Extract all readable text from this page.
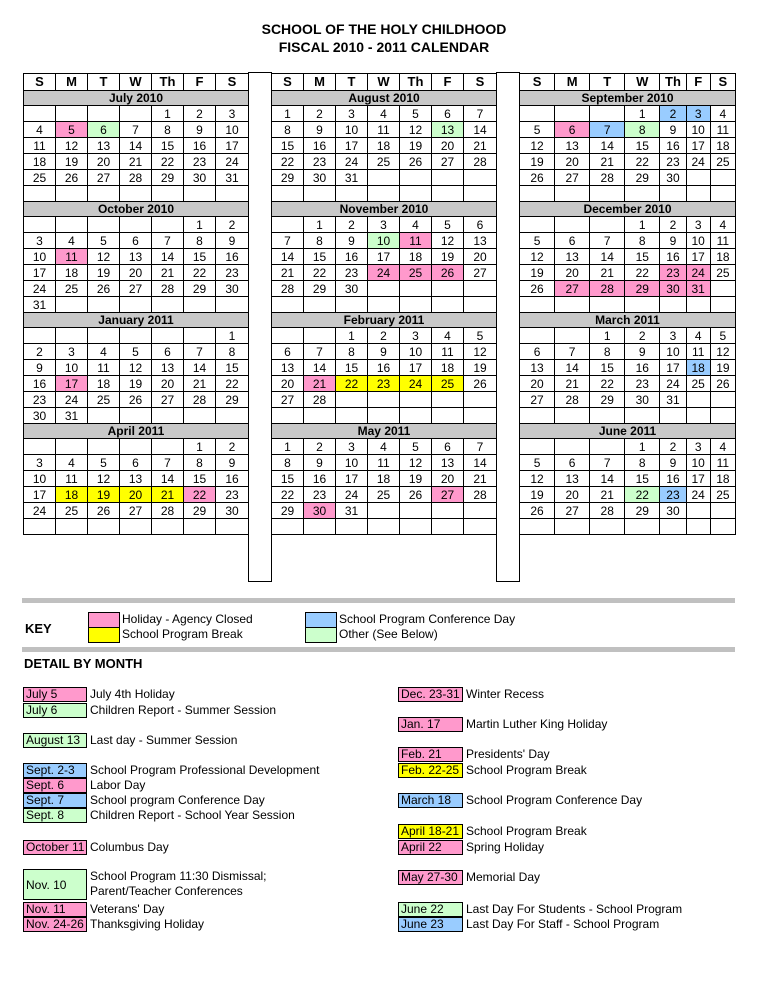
SCHOOL OF THE HOLY CHILDHOOD
FISCAL 2010 - 2011 CALENDAR
S	M	T	W	Th	F	S
July 2010						
				1	2	3
4	5	6	7	8	9	10
11	12	13	14	15	16	17
18	19	20	21	22	23	24
25	26	27	28	29	30	31

October 2010						
					1	2
3	4	5	6	7	8	9
10	11	12	13	14	15	16
17	18	19	20	21	22	23
24	25	26	27	28	29	30
31						
January 2011						
						1
2	3	4	5	6	7	8
9	10	11	12	13	14	15
16	17	18	19	20	21	22
23	24	25	26	27	28	29
30	31					
April 2011						
					1	2
3	4	5	6	7	8	9
10	11	12	13	14	15	16
17	18	19	20	21	22	23
24	25	26	27	28	29	30

S	M	T	W	Th	F	S
August 2010						
1	2	3	4	5	6	7
8	9	10	11	12	13	14
15	16	17	18	19	20	21
22	23	24	25	26	27	28
29	30	31				

November 2010						
	1	2	3	4	5	6
7	8	9	10	11	12	13
14	15	16	17	18	19	20
21	22	23	24	25	26	27
28	29	30				

February 2011						
		1	2	3	4	5
6	7	8	9	10	11	12
13	14	15	16	17	18	19
20	21	22	23	24	25	26
27	28					

May 2011						
1	2	3	4	5	6	7
8	9	10	11	12	13	14
15	16	17	18	19	20	21
22	23	24	25	26	27	28
29	30	31				

S	M	T	W	Th	F	S
September 2010						
			1	2	3	4
5	6	7	8	9	10	11
12	13	14	15	16	17	18
19	20	21	22	23	24	25
26	27	28	29	30		

December 2010						
			1	2	3	4
5	6	7	8	9	10	11
12	13	14	15	16	17	18
19	20	21	22	23	24	25
26	27	28	29	30	31	

March 2011						
		1	2	3	4	5
6	7	8	9	10	11	12
13	14	15	16	17	18	19
20	21	22	23	24	25	26
27	28	29	30	31		

June 2011						
			1	2	3	4
5	6	7	8	9	10	11
12	13	14	15	16	17	18
19	20	21	22	23	24	25
26	27	28	29	30		

KEY
Holiday - Agency Closed
School Program Break
School Program Conference Day
Other (See Below)
DETAIL BY MONTH
July 5	July 4th Holiday
July 6	Children Report - Summer Session
August 13 Last day - Summer Session
Sept. 2-3	School Program Professional Development
Sept. 6	Labor Day
Sept. 7	School program Conference Day
Sept. 8	Children Report - School Year Session
October 11 Columbus Day
Nov. 10
School Program 11:30 Dismissal;
Parent/Teacher Conferences
Nov. 11	Veterans' Day
Nov. 24-26 Thanksgiving Holiday
Dec. 23-31 Winter Recess
Jan. 17	Martin Luther King Holiday
Feb. 21	Presidents' Day
Feb. 22-25 School Program Break
March 18	School Program Conference Day
April 18-21 School Program Break
April 22	Spring Holiday
May 27-30 Memorial Day
June 22	Last Day For Students - School Program
June 23	Last Day For Staff - School Program
